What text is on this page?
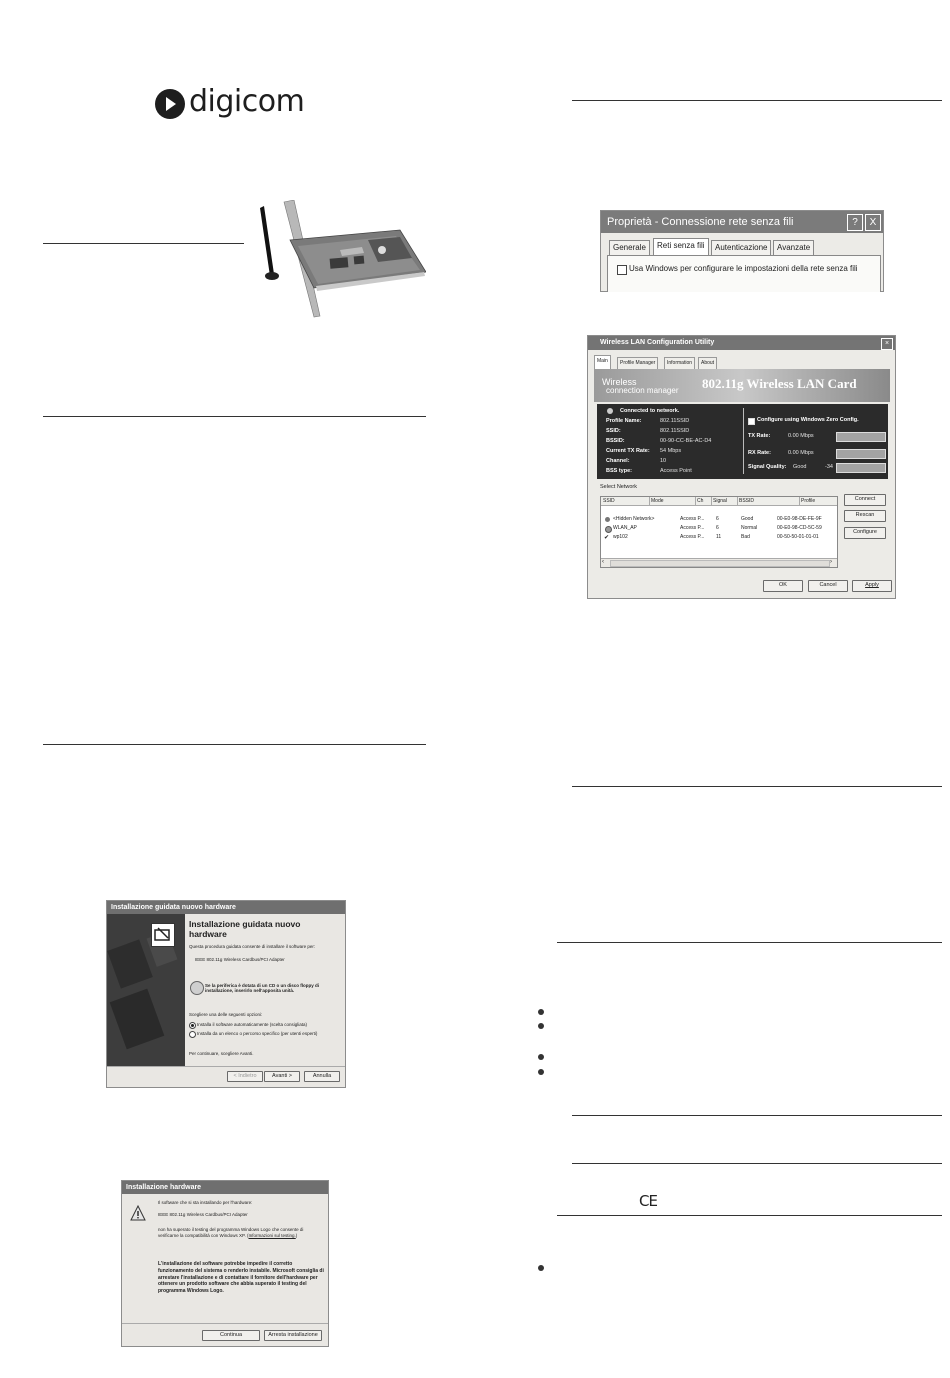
digicom
Installazione guidata nuovo hardware
Installazione guidata nuovo hardware
Questa procedura guidata consente di installare il software per:
IEEE 802.11g Wireless Cardbus/PCI Adapter
Se la periferica è dotata di un CD o un disco floppy di installazione, inserirlo nell'apposita unità.
Scegliere una delle seguenti opzioni:
Installa il software automaticamente (scelta consigliata)
Installa da un elenco o percorso specifico (per utenti esperti)
Per continuare, scegliere Avanti.
< Indietro	Avanti >	Annulla
Installazione hardware
Il software che si sta installando per l'hardware:
IEEE 802.11g Wireless Cardbus/PCI Adapter
non ha superato il testing del programma Windows Logo che consente di verificarne la compatibilità con Windows XP. (Informazioni sul testing.)
L'installazione del software potrebbe impedire il corretto funzionamento del sistema o renderlo instabile. Microsoft consiglia di arrestare l'installazione e di contattare il fornitore dell'hardware per ottenere un prodotto software che abbia superato il testing del programma Windows Logo.
Continua	Arresta installazione
Proprietà - Connessione rete senza fili	?	X
Generale	Reti senza fili	Autenticazione	Avanzate
Usa Windows per configurare le impostazioni della rete senza fili
Wireless LAN Configuration Utility	×
Main	Profile Manager	Information	About
Wireless
connection manager 802.11g Wireless LAN Card
Connected to network.
Profile Name:	802.11SSID
SSID:	802.11SSID
BSSID:	00-90-CC-BE-AC-D4
Current TX Rate: 54 Mbps
Channel:	10
BSS type:	Access Point
Configure using Windows Zero Config.
TX Rate:	0.00 Mbps
RX Rate:	0.00 Mbps
Signal Quality: Good	-34
Select Network
SSID	Mode	Ch	Signal	BSSID	Profile
<Hidden Network>	Access P... 6	Good	00-E0-98-DE-FE-9F
WLAN_AP	Access P... 6	Normal	00-E0-98-CD-5C-59
✔ wp102	Access P... 11	Bad	00-50-50-01-01-01
‹	›
Connect
Rescan
Configure
OK	Cancel	Apply
CE
